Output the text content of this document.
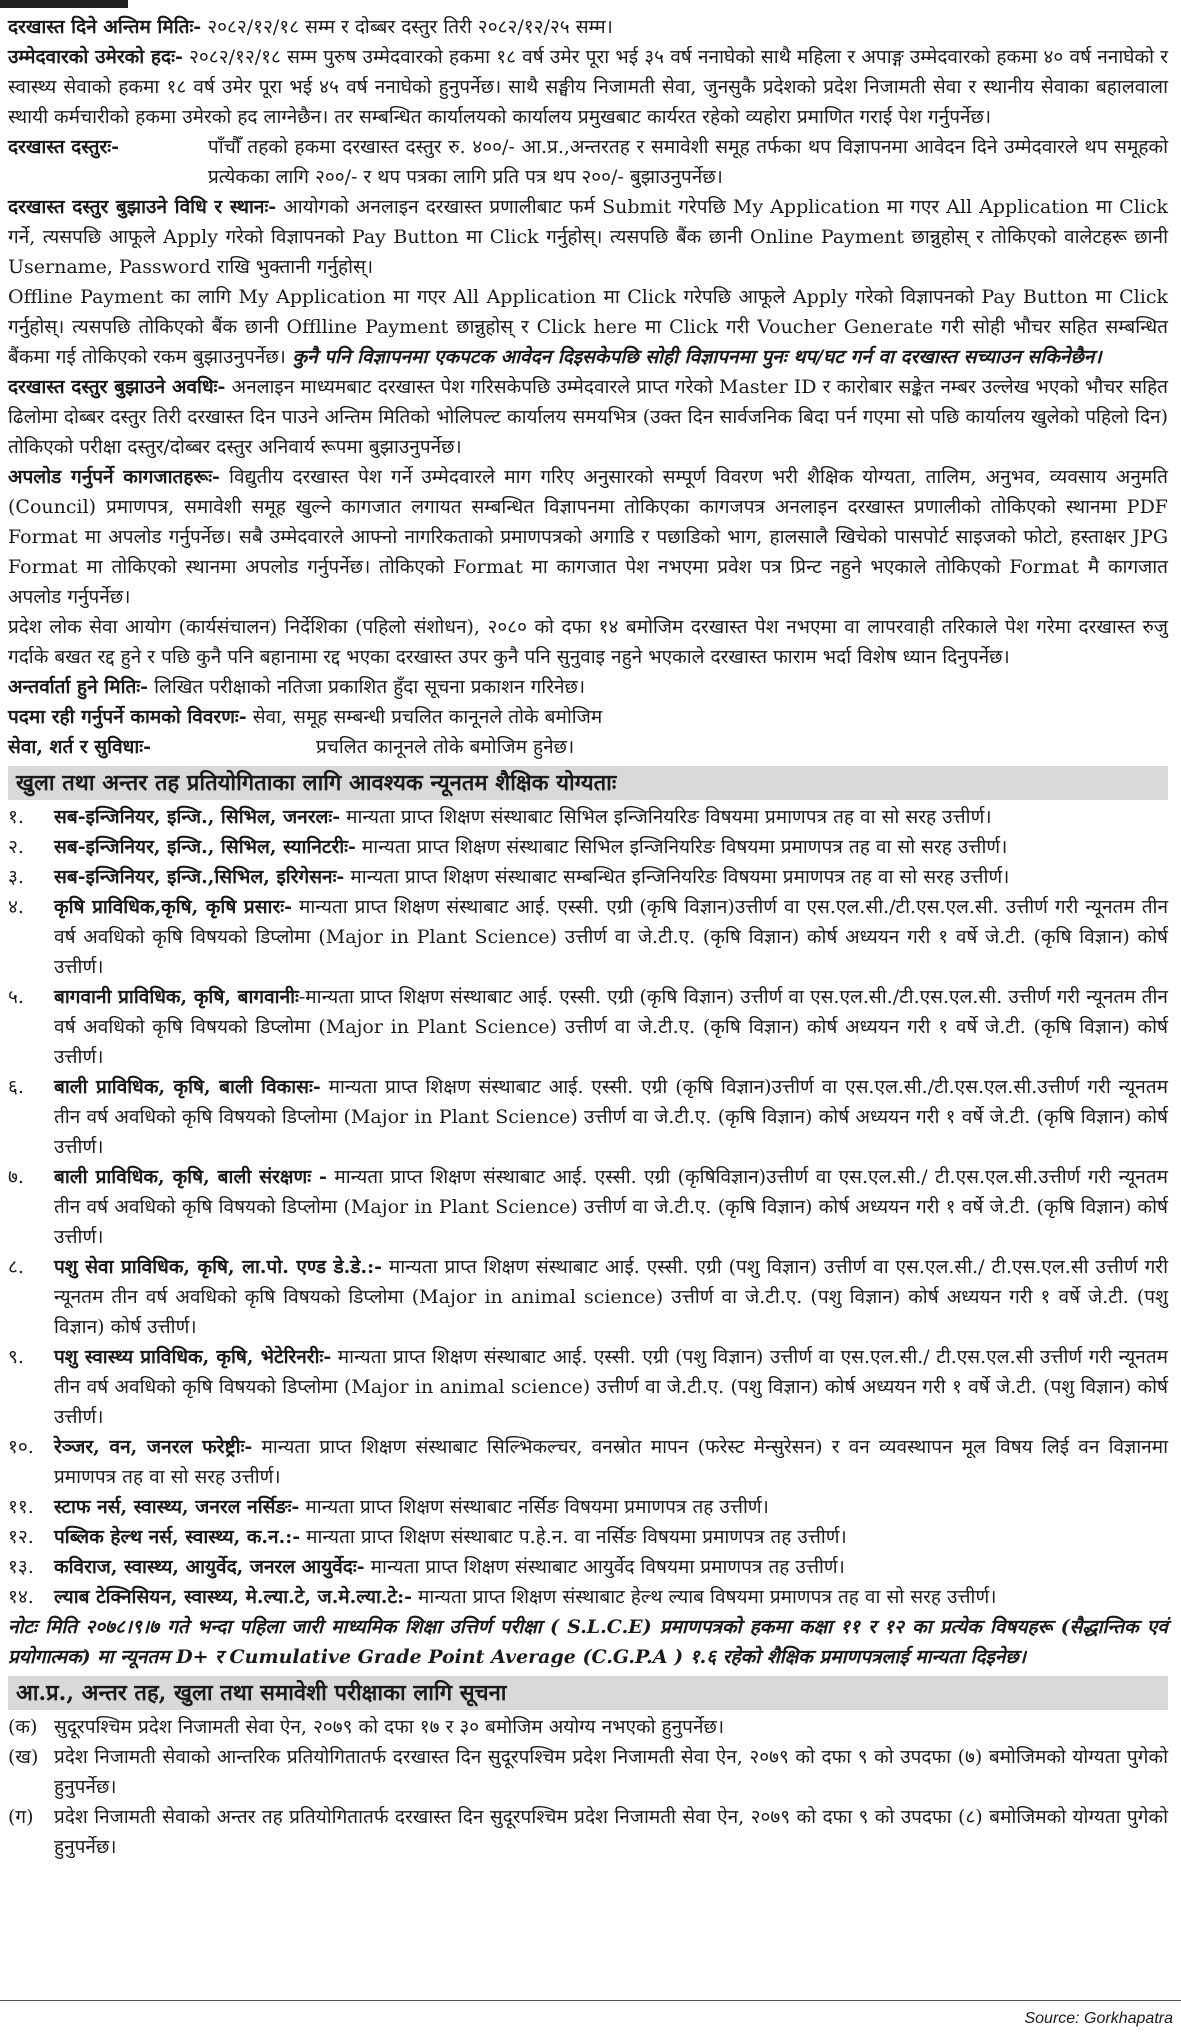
दरखास्त दिने अन्तिम मितिः- २०८२/१२/१८ सम्म र दोब्बर दस्तुर तिरी २०८२/१२/२५ सम्म।

उम्मेदवारको उमेरको हदः- २०८२/१२/१८ सम्म पुरुष उम्मेदवारको हकमा १८ वर्ष उमेर पूरा भई ३५ वर्ष ननाघेको साथै महिला र अपाङ्ग उम्मेदवारको हकमा ४० वर्ष ननाघेको र स्वास्थ्य सेवाको हकमा १८ वर्ष उमेर पूरा भई ४५ वर्ष ननाघेको हुनुपर्नेछ। साथै सङ्घीय निजामती सेवा, जुनसुकै प्रदेशको प्रदेश निजामती सेवा र स्थानीय सेवाका बहालवाला स्थायी कर्मचारीको हकमा उमेरको हद लाग्नेछैन। तर सम्बन्धित कार्यालयको कार्यालय प्रमुखबाट कार्यरत रहेको व्यहोरा प्रमाणित गराई पेश गर्नुपर्नेछ।

दरखास्त दस्तुरः-	पाँचौँ तहको हकमा दरखास्त दस्तुर रु. ४००/- आ.प्र.,अन्तरतह र समावेशी समूह तर्फका थप विज्ञापनमा आवेदन दिने उम्मेदवारले थप समूहको प्रत्येकका लागि २००/- र थप पत्रका लागि प्रति पत्र थप २००/- बुझाउनुपर्नेछ।

दरखास्त दस्तुर बुझाउने विधि र स्थानः- आयोगको अनलाइन दरखास्त प्रणालीबाट फर्म Submit गरेपछि My Application मा गएर All Application मा Click गर्ने, त्यसपछि आफूले Apply गरेको विज्ञापनको Pay Button मा Click गर्नुहोस्। त्यसपछि बैंक छानी Online Payment छान्नुहोस् र तोकिएको वालेटहरू छानी Username, Password राखि भुक्तानी गर्नुहोस्।

Offline Payment का लागि My Application मा गएर All Application मा Click गरेपछि आफूले Apply गरेको विज्ञापनको Pay Button मा Click गर्नुहोस्। त्यसपछि तोकिएको बैंक छानी Offlline Payment छान्नुहोस् र Click here मा Click गरी Voucher Generate गरी सोही भौचर सहित सम्बन्धित बैंकमा गई तोकिएको रकम बुझाउनुपर्नेछ। कुनै पनि विज्ञापनमा एकपटक आवेदन दिइसकेपछि सोही विज्ञापनमा पुनः थप/घट गर्न वा दरखास्त सच्याउन सकिनेछैन।

दरखास्त दस्तुर बुझाउने अवधिः- अनलाइन माध्यमबाट दरखास्त पेश गरिसकेपछि उम्मेदवारले प्राप्त गरेको Master ID र कारोबार सङ्केत नम्बर उल्लेख भएको भौचर सहित ढिलोमा दोब्बर दस्तुर तिरी दरखास्त दिन पाउने अन्तिम मितिको भोलिपल्ट कार्यालय समयभित्र (उक्त दिन सार्वजनिक बिदा पर्न गएमा सो पछि कार्यालय खुलेको पहिलो दिन) तोकिएको परीक्षा दस्तुर/दोब्बर दस्तुर अनिवार्य रूपमा बुझाउनुपर्नेछ।

अपलोड गर्नुपर्ने कागजातहरूः- विद्युतीय दरखास्त पेश गर्ने उम्मेदवारले माग गरिए अनुसारको सम्पूर्ण विवरण भरी शैक्षिक योग्यता, तालिम, अनुभव, व्यवसाय अनुमति (Council) प्रमाणपत्र, समावेशी समूह खुल्ने कागजात लगायत सम्बन्धित विज्ञापनमा तोकिएका कागजपत्र अनलाइन दरखास्त प्रणालीको तोकिएको स्थानमा PDF Format मा अपलोड गर्नुपर्नेछ। सबै उम्मेदवारले आफ्नो नागरिकताको प्रमाणपत्रको अगाडि र पछाडिको भाग, हालसालै खिचेको पासपोर्ट साइजको फोटो, हस्ताक्षर JPG Format मा तोकिएको स्थानमा अपलोड गर्नुपर्नेछ। तोकिएको Format मा कागजात पेश नभएमा प्रवेश पत्र प्रिन्ट नहुने भएकाले तोकिएको Format मै कागजात अपलोड गर्नुपर्नेछ।

प्रदेश लोक सेवा आयोग (कार्यसंचालन) निर्देशिका (पहिलो संशोधन), २०८० को दफा १४ बमोजिम दरखास्त पेश नभएमा वा लापरवाही तरिकाले पेश गरेमा दरखास्त रुजु गर्दाके बखत रद्द हुने र पछि कुनै पनि बहानामा रद्द भएका दरखास्त उपर कुनै पनि सुनुवाइ नहुने भएकाले दरखास्त फाराम भर्दा विशेष ध्यान दिनुपर्नेछ।

अन्तर्वार्ता हुने मितिः- लिखित परीक्षाको नतिजा प्रकाशित हुँदा सूचना प्रकाशन गरिनेछ।

पदमा रही गर्नुपर्ने कामको विवरणः- सेवा, समूह सम्बन्धी प्रचलित कानूनले तोके बमोजिम

सेवा, शर्त र सुविधाः-	प्रचलित कानूनले तोके बमोजिम हुनेछ।
खुला तथा अन्तर तह प्रतियोगिताका लागि आवश्यक न्यूनतम शैक्षिक योग्यताः
१.	सब-इन्जिनियर, इन्जि., सिभिल, जनरलः- मान्यता प्राप्त शिक्षण संस्थाबाट सिभिल इन्जिनियरिङ विषयमा प्रमाणपत्र तह वा सो सरह उत्तीर्ण।
२.	सब-इन्जिनियर, इन्जि., सिभिल, स्यानिटरीः- मान्यता प्राप्त शिक्षण संस्थाबाट सिभिल इन्जिनियरिङ विषयमा प्रमाणपत्र तह वा सो सरह उत्तीर्ण।
३.	सब-इन्जिनियर, इन्जि.,सिभिल, इरिगेसनः- मान्यता प्राप्त शिक्षण संस्थाबाट सम्बन्धित इन्जिनियरिङ विषयमा प्रमाणपत्र तह वा सो सरह उत्तीर्ण।
४.	कृषि प्राविधिक,कृषि, कृषि प्रसारः- मान्यता प्राप्त शिक्षण संस्थाबाट आई. एस्सी. एग्री (कृषि विज्ञान)उत्तीर्ण वा एस.एल.सी./टी.एस.एल.सी. उत्तीर्ण गरी न्यूनतम तीन वर्ष अवधिको कृषि विषयको डिप्लोमा (Major in Plant Science) उत्तीर्ण वा जे.टी.ए. (कृषि विज्ञान) कोर्ष अध्ययन गरी १ वर्षे जे.टी. (कृषि विज्ञान) कोर्ष उत्तीर्ण।
५.	बागवानी प्राविधिक, कृषि, बागवानीः-मान्यता प्राप्त शिक्षण संस्थाबाट आई. एस्सी. एग्री (कृषि विज्ञान) उत्तीर्ण वा एस.एल.सी./टी.एस.एल.सी. उत्तीर्ण गरी न्यूनतम तीन वर्ष अवधिको कृषि विषयको डिप्लोमा (Major in Plant Science) उत्तीर्ण वा जे.टी.ए. (कृषि विज्ञान) कोर्ष अध्ययन गरी १ वर्षे जे.टी. (कृषि विज्ञान) कोर्ष उत्तीर्ण।
६.	बाली प्राविधिक, कृषि, बाली विकासः- मान्यता प्राप्त शिक्षण संस्थाबाट आई. एस्सी. एग्री (कृषि विज्ञान)उत्तीर्ण वा एस.एल.सी./टी.एस.एल.सी.उत्तीर्ण गरी न्यूनतम तीन वर्ष अवधिको कृषि विषयको डिप्लोमा (Major in Plant Science) उत्तीर्ण वा जे.टी.ए. (कृषि विज्ञान) कोर्ष अध्ययन गरी १ वर्षे जे.टी. (कृषि विज्ञान) कोर्ष उत्तीर्ण।
७.	बाली प्राविधिक, कृषि, बाली संरक्षणः - मान्यता प्राप्त शिक्षण संस्थाबाट आई. एस्सी. एग्री (कृषिविज्ञान)उत्तीर्ण वा एस.एल.सी./ टी.एस.एल.सी.उत्तीर्ण गरी न्यूनतम तीन वर्ष अवधिको कृषि विषयको डिप्लोमा (Major in Plant Science) उत्तीर्ण वा जे.टी.ए. (कृषि विज्ञान) कोर्ष अध्ययन गरी १ वर्षे जे.टी. (कृषि विज्ञान) कोर्ष उत्तीर्ण।
८.	पशु सेवा प्राविधिक, कृषि, ला.पो. एण्ड डे.डे.:- मान्यता प्राप्त शिक्षण संस्थाबाट आई. एस्सी. एग्री (पशु विज्ञान) उत्तीर्ण वा एस.एल.सी./ टी.एस.एल.सी उत्तीर्ण गरी न्यूनतम तीन वर्ष अवधिको कृषि विषयको डिप्लोमा (Major in animal science) उत्तीर्ण वा जे.टी.ए. (पशु विज्ञान) कोर्ष अध्ययन गरी १ वर्षे जे.टी. (पशु विज्ञान) कोर्ष उत्तीर्ण।
९.	पशु स्वास्थ्य प्राविधिक, कृषि, भेटेरिनरीः- मान्यता प्राप्त शिक्षण संस्थाबाट आई. एस्सी. एग्री (पशु विज्ञान) उत्तीर्ण वा एस.एल.सी./ टी.एस.एल.सी उत्तीर्ण गरी न्यूनतम तीन वर्ष अवधिको कृषि विषयको डिप्लोमा (Major in animal science) उत्तीर्ण वा जे.टी.ए. (पशु विज्ञान) कोर्ष अध्ययन गरी १ वर्षे जे.टी. (पशु विज्ञान) कोर्ष उत्तीर्ण।
१०.	रेञ्जर, वन, जनरल फरेष्ट्रीः- मान्यता प्राप्त शिक्षण संस्थाबाट सिल्भिकल्चर, वनस्रोत मापन (फरेस्ट मेन्सुरेसन) र वन व्यवस्थापन मूल विषय लिई वन विज्ञानमा प्रमाणपत्र तह वा सो सरह उत्तीर्ण।
११.	स्टाफ नर्स, स्वास्थ्य, जनरल नर्सिङः- मान्यता प्राप्त शिक्षण संस्थाबाट नर्सिङ विषयमा प्रमाणपत्र तह उत्तीर्ण।
१२.	पब्लिक हेल्थ नर्स, स्वास्थ्य, क.न.:- मान्यता प्राप्त शिक्षण संस्थाबाट प.हे.न. वा नर्सिङ विषयमा प्रमाणपत्र तह उत्तीर्ण।
१३.	कविराज, स्वास्थ्य, आयुर्वेद, जनरल आयुर्वेदः- मान्यता प्राप्त शिक्षण संस्थाबाट आयुर्वेद विषयमा प्रमाणपत्र तह उत्तीर्ण।
१४.	ल्याब टेक्निसियन, स्वास्थ्य, मे.ल्या.टे, ज.मे.ल्या.टे:- मान्यता प्राप्त शिक्षण संस्थाबाट हेल्थ ल्याब विषयमा प्रमाणपत्र तह वा सो सरह उत्तीर्ण।

नोटः मिति २०७८।९।७ गते भन्दा पहिला जारी माध्यमिक शिक्षा उत्तिर्ण परीक्षा ( S.L.C.E) प्रमाणपत्रको हकमा कक्षा ११ र १२ का प्रत्येक विषयहरू (सैद्धान्तिक एवं प्रयोगात्मक) मा न्यूनतम D+ र Cumulative Grade Point Average (C.G.P.A ) १.६ रहेको शैक्षिक प्रमाणपत्रलाई मान्यता दिइनेछ।

आ.प्र., अन्तर तह, खुला तथा समावेशी परीक्षाका लागि सूचना
(क) सुदूरपश्चिम प्रदेश निजामती सेवा ऐन, २०७९ को दफा १७ र ३० बमोजिम अयोग्य नभएको हुनुपर्नेछ।
(ख) प्रदेश निजामती सेवाको आन्तरिक प्रतियोगितातर्फ दरखास्त दिन सुदूरपश्चिम प्रदेश निजामती सेवा ऐन, २०७९ को दफा ९ को उपदफा (७) बमोजिमको योग्यता पुगेको हुनुपर्नेछ।
(ग)	प्रदेश निजामती सेवाको अन्तर तह प्रतियोगितातर्फ दरखास्त दिन सुदूरपश्चिम प्रदेश निजामती सेवा ऐन, २०७९ को दफा ९ को उपदफा (८) बमोजिमको योग्यता पुगेको हुनुपर्नेछ।
Source: Gorkhapatra
